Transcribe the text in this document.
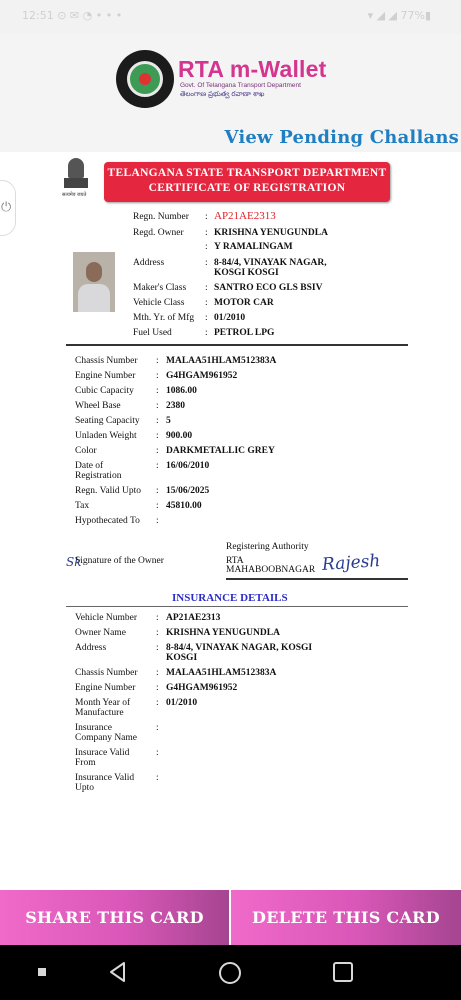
12:51 ⊙ ✉ ◔ • • •	▾ ◢ ◢ 77%▮
RTA m-Wallet
Govt. Of Telangana Transport Department
తెలంగాణ ప్రభుత్వ రవాణా శాఖ
View Pending Challans
⏻
सत्यमेव जयते
TELANGANA STATE TRANSPORT DEPARTMENT
CERTIFICATE OF REGISTRATION
Regn. Number : AP21AE2313
Regd. Owner : KRISHNA YENUGUNDLA
: Y RAMALINGAM
Address	: 8-84/4, VINAYAK NAGAR,
KOSGI KOSGI
Maker's Class : SANTRO ECO GLS BSIV
Vehicle Class : MOTOR CAR
Mth. Yr. of Mfg : 01/2010
Fuel Used	: PETROL LPG
Chassis Number : MALAA51HLAM512383A
Engine Number : G4HGAM961952
Cubic Capacity : 1086.00
Wheel Base	: 2380
Seating Capacity : 5
Unladen Weight : 900.00
Color	: DARKMETALLIC GREY
Date of
Registration
: 16/06/2010
Regn. Valid Upto : 15/06/2025
Tax	: 45810.00
Hypothecated To :
Sk
Signature of the Owner
Registering Authority
RTA
MAHABOOBNAGAR Rajesh
INSURANCE DETAILS
Vehicle Number : AP21AE2313
Owner Name	: KRISHNA YENUGUNDLA
Address	: 8-84/4, VINAYAK NAGAR, KOSGI
KOSGI
Chassis Number : MALAA51HLAM512383A
Engine Number : G4HGAM961952
Month Year of
Manufacture
: 01/2010
Insurance
Company Name
:
Insurace Valid
From
:
Insurance Valid
Upto
:
SHARE THIS CARD	DELETE THIS CARD
